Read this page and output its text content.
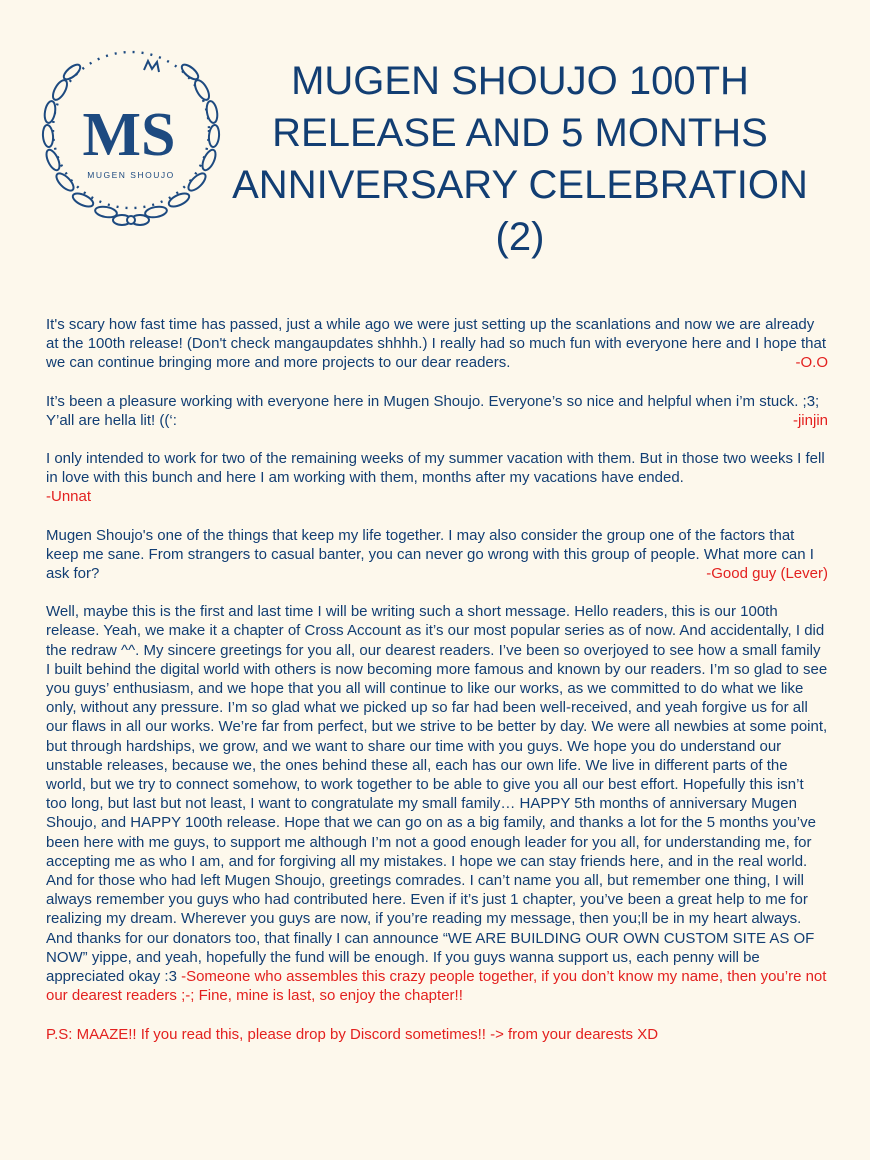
MS
MUGEN SHOUJO
MUGEN SHOUJO 100TH RELEASE AND 5 MONTHS ANNIVERSARY CELEBRATION (2)

It's scary how fast time has passed, just a while ago we were just setting up the scanlations and now we are already at the 100th release! (Don't check mangaupdates shhhh.) I really had so much fun with everyone here and I hope that we can continue bringing more and more projects to our dear readers.	-O.O

It’s been a pleasure working with everyone here in Mugen Shoujo. Everyone’s so nice and helpful when i’m stuck. ;3; Y’all are hella lit! ((‘:	-jinjin

I only intended to work for two of the remaining weeks of my summer vacation with them. But in those two weeks I fell in love with this bunch and here I am working with them, months after my vacations have ended.
-Unnat

Mugen Shoujo's one of the things that keep my life together. I may also consider the group one of the factors that keep me sane. From strangers to casual banter, you can never go wrong with this group of people. What more can I ask for?	-Good guy (Lever)

Well, maybe this is the first and last time I will be writing such a short message. Hello readers, this is our 100th release. Yeah, we make it a chapter of Cross Account as it’s our most popular series as of now. And accidentally, I did the redraw ^^. My sincere greetings for you all, our dearest readers. I’ve been so overjoyed to see how a small family I built behind the digital world with others is now becoming more famous and known by our readers. I’m so glad to see you guys’ enthusiasm, and we hope that you all will continue to like our works, as we committed to do what we like only, without any pressure. I’m so glad what we picked up so far had been well-received, and yeah forgive us for all our flaws in all our works. We’re far from perfect, but we strive to be better by day. We were all newbies at some point, but through hardships, we grow, and we want to share our time with you guys. We hope you do understand our unstable releases, because we, the ones behind these all, each has our own life. We live in different parts of the world, but we try to connect somehow, to work together to be able to give you all our best effort. Hopefully this isn’t too long, but last but not least, I want to congratulate my small family… HAPPY 5th months of anniversary Mugen Shoujo, and HAPPY 100th release. Hope that we can go on as a big family, and thanks a lot for the 5 months you’ve been here with me guys, to support me although I’m not a good enough leader for you all, for understanding me, for accepting me as who I am, and for forgiving all my mistakes. I hope we can stay friends here, and in the real world. And for those who had left Mugen Shoujo, greetings comrades. I can’t name you all, but remember one thing, I will always remember you guys who had contributed here. Even if it’s just 1 chapter, you’ve been a great help to me for realizing my dream. Wherever you guys are now, if you’re reading my message, then you;ll be in my heart always. And thanks for our donators too, that finally I can announce “WE ARE BUILDING OUR OWN CUSTOM SITE AS OF NOW” yippe, and yeah, hopefully the fund will be enough. If you guys wanna support us, each penny will be appreciated okay :3 -Someone who assembles this crazy people together, if you don’t know my name, then you’re not our dearest readers ;-; Fine, mine is last, so enjoy the chapter!!

P.S: MAAZE!! If you read this, please drop by Discord sometimes!! -> from your dearests XD
